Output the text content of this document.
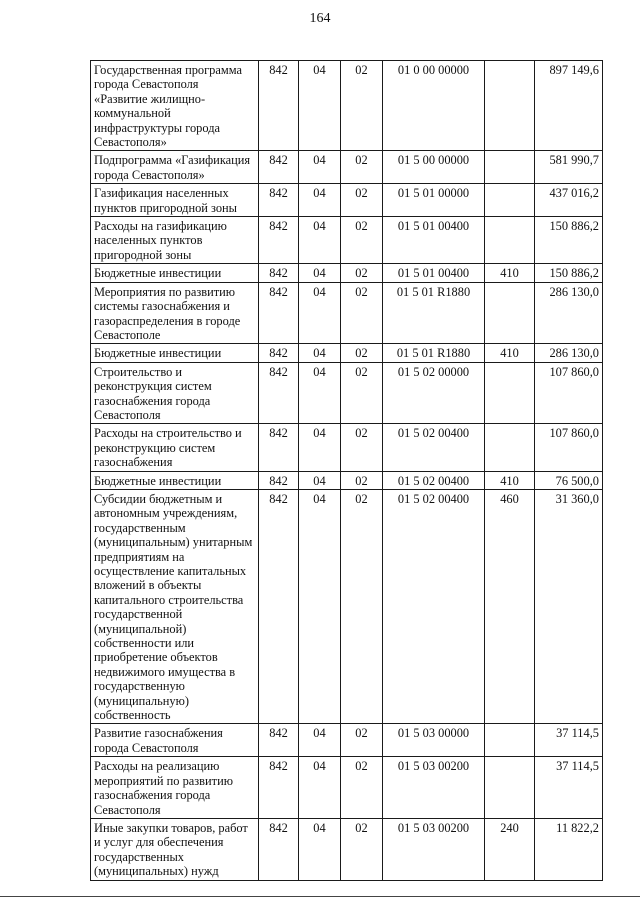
164
Государственная программа города Севастополя «Развитие жилищно-коммунальной инфраструктуры города Севастополя»	842	04	02	01 0 00 00000		897 149,6
Подпрограмма «Газификация города Севастополя»	842	04	02	01 5 00 00000		581 990,7
Газификация населенных пунктов пригородной зоны	842	04	02	01 5 01 00000		437 016,2
Расходы на газификацию населенных пунктов пригородной зоны	842	04	02	01 5 01 00400		150 886,2
Бюджетные инвестиции	842	04	02	01 5 01 00400	410	150 886,2
Мероприятия по развитию системы газоснабжения и газораспределения в городе Севастополе	842	04	02	01 5 01 R1880		286 130,0
Бюджетные инвестиции	842	04	02	01 5 01 R1880	410	286 130,0
Строительство и реконструкция систем газоснабжения города Севастополя	842	04	02	01 5 02 00000		107 860,0
Расходы на строительство и реконструкцию систем газоснабжения	842	04	02	01 5 02 00400		107 860,0
Бюджетные инвестиции	842	04	02	01 5 02 00400	410	76 500,0
Субсидии бюджетным и автономным учреждениям, государственным (муниципальным) унитарным предприятиям на осуществление капитальных вложений в объекты капитального строительства государственной (муниципальной) собственности или приобретение объектов недвижимого имущества в государственную (муниципальную) собственность	842	04	02	01 5 02 00400	460	31 360,0
Развитие газоснабжения города Севастополя	842	04	02	01 5 03 00000		37 114,5
Расходы на реализацию мероприятий по развитию газоснабжения города Севастополя	842	04	02	01 5 03 00200		37 114,5
Иные закупки товаров, работ и услуг для обеспечения государственных (муниципальных) нужд	842	04	02	01 5 03 00200	240	11 822,2
